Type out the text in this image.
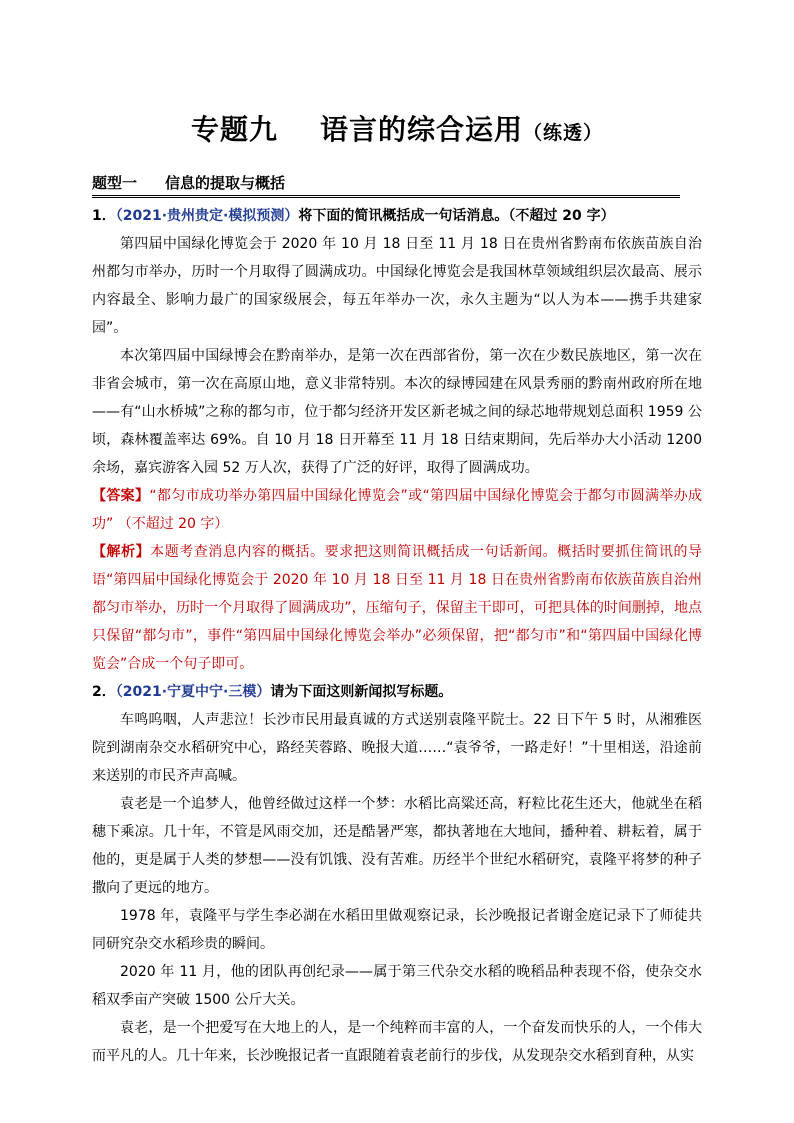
专题九 语言的综合运用（练透）
题型一 信息的提取与概括

1．（2021·贵州贵定·模拟预测）将下面的简讯概括成一句话消息。（不超过 20 字）

第四届中国绿化博览会于 2020 年 10 月 18 日至 11 月 18 日在贵州省黔南布依族苗族自治州都匀市举办，历时一个月取得了圆满成功。中国绿化博览会是我国林草领域组织层次最高、展示内容最全、影响力最广的国家级展会，每五年举办一次，永久主题为“以人为本——携手共建家园”。

本次第四届中国绿博会在黔南举办，是第一次在西部省份，第一次在少数民族地区，第一次在非省会城市，第一次在高原山地，意义非常特别。本次的绿博园建在风景秀丽的黔南州政府所在地——有“山水桥城”之称的都匀市，位于都匀经济开发区新老城之间的绿芯地带规划总面积 1959 公顷，森林覆盖率达 69%。自 10 月 18 日开幕至 11 月 18 日结束期间，先后举办大小活动 1200 余场，嘉宾游客入园 52 万人次，获得了广泛的好评，取得了圆满成功。

【答案】“都匀市成功举办第四届中国绿化博览会”或“第四届中国绿化博览会于都匀市圆满举办成功” （不超过 20 字）

【解析】本题考查消息内容的概括。要求把这则简讯概括成一句话新闻。概括时要抓住简讯的导语“第四届中国绿化博览会于 2020 年 10 月 18 日至 11 月 18 日在贵州省黔南布依族苗族自治州都匀市举办，历时一个月取得了圆满成功”，压缩句子，保留主干即可，可把具体的时间删掉，地点只保留“都匀市”，事件“第四届中国绿化博览会举办”必须保留，把“都匀市”和“第四届中国绿化博览会”合成一个句子即可。

2．（2021·宁夏中宁·三模）请为下面这则新闻拟写标题。

车鸣呜咽，人声悲泣！长沙市民用最真诚的方式送别袁隆平院士。22 日下午 5 时，从湘雅医院到湖南杂交水稻研究中心，路经芙蓉路、晚报大道……“袁爷爷，一路走好！”十里相送，沿途前来送别的市民齐声高喊。

袁老是一个追梦人，他曾经做过这样一个梦：水稻比高粱还高，籽粒比花生还大，他就坐在稻穗下乘凉。几十年，不管是风雨交加，还是酷暑严寒，都执著地在大地间，播种着、耕耘着，属于他的，更是属于人类的梦想——没有饥饿、没有苦难。历经半个世纪水稻研究，袁隆平将梦的种子撒向了更远的地方。

1978 年，袁隆平与学生李必湖在水稻田里做观察记录，长沙晚报记者谢金庭记录下了师徒共同研究杂交水稻珍贵的瞬间。

2020 年 11 月，他的团队再创纪录——属于第三代杂交水稻的晚稻品种表现不俗，使杂交水稻双季亩产突破 1500 公斤大关。

袁老，是一个把爱写在大地上的人，是一个纯粹而丰富的人，一个奋发而快乐的人，一个伟大而平凡的人。几十年来，长沙晚报记者一直跟随着袁老前行的步伐，从发现杂交水稻到育种，从实
